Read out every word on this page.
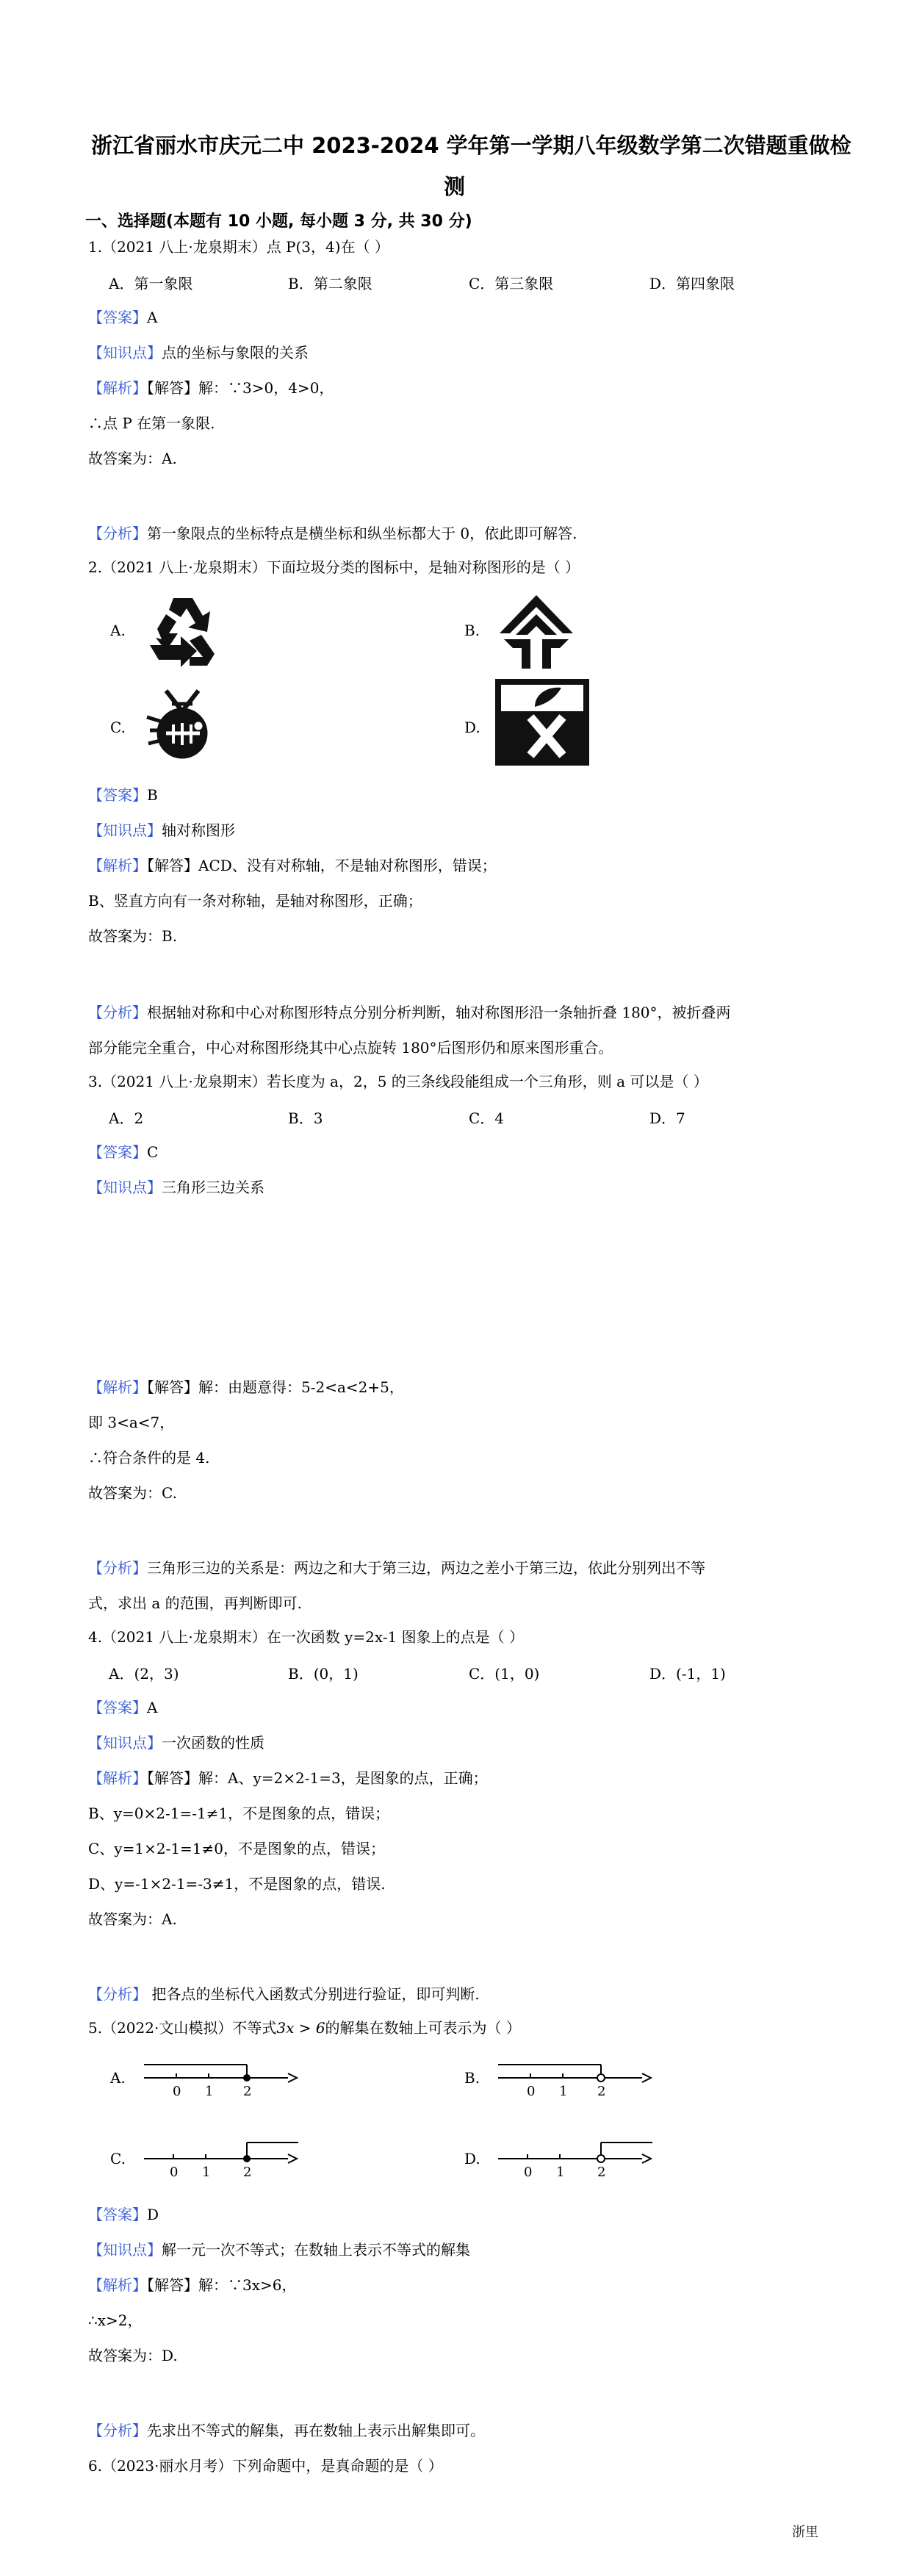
浙江省丽水市庆元二中 2023-2024 学年第一学期八年级数学第二次错题重做检
测
一、选择题(本题有 10 小题, 每小题 3 分, 共 30 分)
1.（2021 八上·龙泉期末）点 P(3，4)在（ ）
A．第一象限	B．第二象限	C．第三象限	D．第四象限
【答案】A
【知识点】点的坐标与象限的关系
【解析】【解答】解：∵3>0，4>0，
∴点 P 在第一象限.
故答案为：A.
【分析】第一象限点的坐标特点是横坐标和纵坐标都大于 0，依此即可解答.
2.（2021 八上·龙泉期末）下面垃圾分类的图标中，是轴对称图形的是（ ）
A.	B.
C.	D.
【答案】B
【知识点】轴对称图形
【解析】【解答】ACD、没有对称轴，不是轴对称图形，错误；
B、竖直方向有一条对称轴，是轴对称图形，正确；
故答案为：B.
【分析】根据轴对称和中心对称图形特点分别分析判断，轴对称图形沿一条轴折叠 180°，被折叠两
部分能完全重合，中心对称图形绕其中心点旋转 180°后图形仍和原来图形重合。
3.（2021 八上·龙泉期末）若长度为 a，2，5 的三条线段能组成一个三角形，则 a 可以是（ ）
A．2	B．3	C．4	D．7
【答案】C
【知识点】三角形三边关系
【解析】【解答】解：由题意得：5-2<a<2+5，
即 3<a<7，
∴符合条件的是 4.
故答案为：C.
【分析】三角形三边的关系是：两边之和大于第三边，两边之差小于第三边，依此分别列出不等
式，求出 a 的范围，再判断即可.
4.（2021 八上·龙泉期末）在一次函数 y=2x-1 图象上的点是（ ）
A．(2，3)	B．(0，1)	C．(1，0)	D．(-1，1)
【答案】A
【知识点】一次函数的性质
【解析】【解答】解：A、y=2×2-1=3，是图象的点，正确；
B、y=0×2-1=-1≠1，不是图象的点，错误；
C、y=1×2-1=1≠0，不是图象的点，错误；
D、y=-1×2-1=-3≠1，不是图象的点，错误.
故答案为：A.
【分析】 把各点的坐标代入函数式分别进行验证，即可判断.
5.（2022·文山模拟）不等式3x > 6的解集在数轴上可表示为（ ）
A.	B.
C.	D.
0 1 2	0 1 2
0 1 2	0 1 2
【答案】D
【知识点】解一元一次不等式；在数轴上表示不等式的解集
【解析】【解答】解：∵3x>6，
∴x>2，
故答案为：D.
【分析】先求出不等式的解集，再在数轴上表示出解集即可。
6.（2023·丽水月考）下列命题中，是真命题的是（ ）
浙里
